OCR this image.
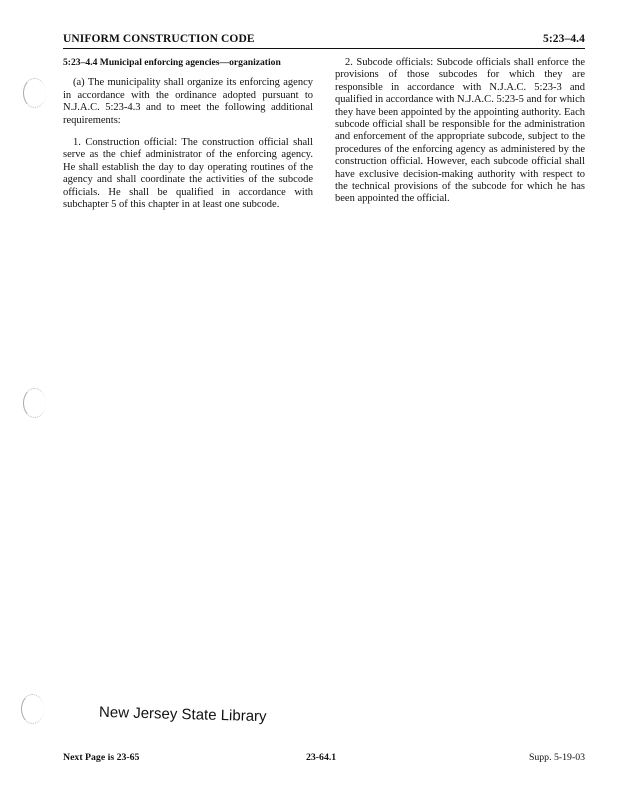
UNIFORM CONSTRUCTION CODE	5:23–4.4

5:23–4.4 Municipal enforcing agencies—organization

(a) The municipality shall organize its enforcing agency in accordance with the ordinance adopted pursuant to N.J.A.C. 5:23-4.3 and to meet the following additional requirements:

1. Construction official: The construction official shall serve as the chief administrator of the enforcing agency. He shall establish the day to day operating routines of the agency and shall coordinate the activities of the subcode officials. He shall be qualified in accordance with subchapter 5 of this chapter in at least one subcode.

2. Subcode officials: Subcode officials shall enforce the provisions of those subcodes for which they are responsible in accordance with N.J.A.C. 5:23-3 and qualified in accordance with N.J.A.C. 5:23-5 and for which they have been appointed by the appointing authority. Each subcode official shall be responsible for the administration and enforcement of the appropriate subcode, subject to the procedures of the enforcing agency as administered by the construction official. However, each subcode official shall have exclusive decision-making authority with respect to the technical provisions of the subcode for which he has been appointed the official.

New Jersey State Library
Next Page is 23-65	23-64.1	Supp. 5-19-03
